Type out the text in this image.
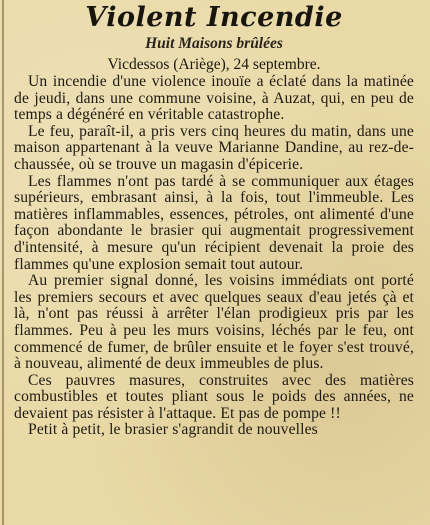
Violent Incendie
Huit Maisons brûlées

Vicdessos (Ariège), 24 septembre.

Un incendie d'une violence inouïe a éclaté dans la matinée de jeudi, dans une commune voisine, à Auzat, qui, en peu de temps a dégénéré en véritable catastrophe.

Le feu, paraît-il, a pris vers cinq heures du matin, dans une maison appartenant à la veuve Marianne Dandine, au rez-de-chaussée, où se trouve un magasin d'épicerie.

Les flammes n'ont pas tardé à se communiquer aux étages supérieurs, embrasant ainsi, à la fois, tout l'immeuble. Les matières inflammables, essences, pétroles, ont alimenté d'une façon abondante le brasier qui augmentait progressivement d'intensité, à mesure qu'un récipient devenait la proie des flammes qu'une explosion semait tout autour.

Au premier signal donné, les voisins immédiats ont porté les premiers secours et avec quelques seaux d'eau jetés çà et là, n'ont pas réussi à arrêter l'élan prodigieux pris par les flammes. Peu à peu les murs voisins, léchés par le feu, ont commencé de fumer, de brûler ensuite et le foyer s'est trouvé, à nouveau, alimenté de deux immeubles de plus.

Ces pauvres masures, construites avec des matières combustibles et toutes pliant sous le poids des années, ne devaient pas résister à l'attaque. Et pas de pompe !!

Petit à petit, le brasier s'agrandit de nouvelles
